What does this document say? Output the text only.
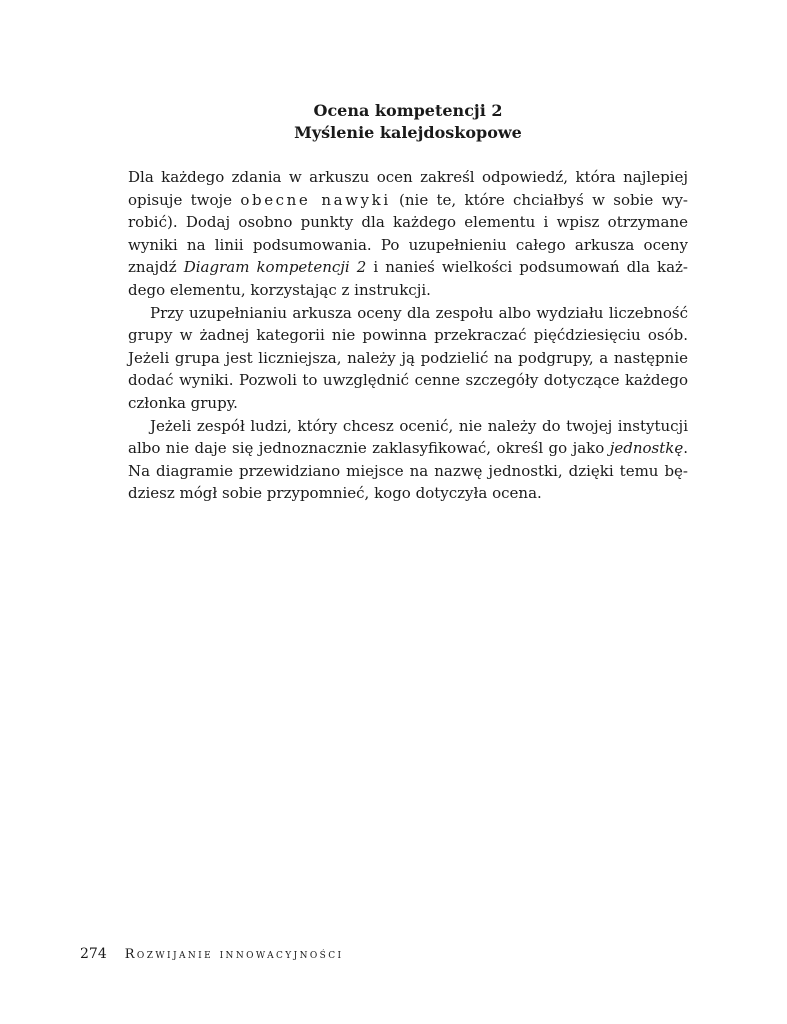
Ocena kompetencji 2
Myślenie kalejdoskopowe

Dla każdego zdania w arkuszu ocen zakreśl odpowiedź, która najlepiej opisuje twoje obecne nawyki (nie te, które chciałbyś w sobie wy-robić). Dodaj osobno punkty dla każdego elementu i wpisz otrzymane wyniki na linii podsumowania. Po uzupełnieniu całego arkusza oceny znajdź Diagram kompetencji 2 i nanieś wielkości podsumowań dla każ-dego elementu, korzystając z instrukcji.

Przy uzupełnianiu arkusza oceny dla zespołu albo wydziału liczebność grupy w żadnej kategorii nie powinna przekraczać pięćdziesięciu osób. Jeżeli grupa jest liczniejsza, należy ją podzielić na podgrupy, a następnie dodać wyniki. Pozwoli to uwzględnić cenne szczegóły dotyczące każdego członka grupy.

Jeżeli zespół ludzi, który chcesz ocenić, nie należy do twojej instytucji albo nie daje się jednoznacznie zaklasyfikować, określ go jako jednostkę. Na diagramie przewidziano miejsce na nazwę jednostki, dzięki temu bę-dziesz mógł sobie przypomnieć, kogo dotyczyła ocena.

274 Rozwijanie innowacyjności
